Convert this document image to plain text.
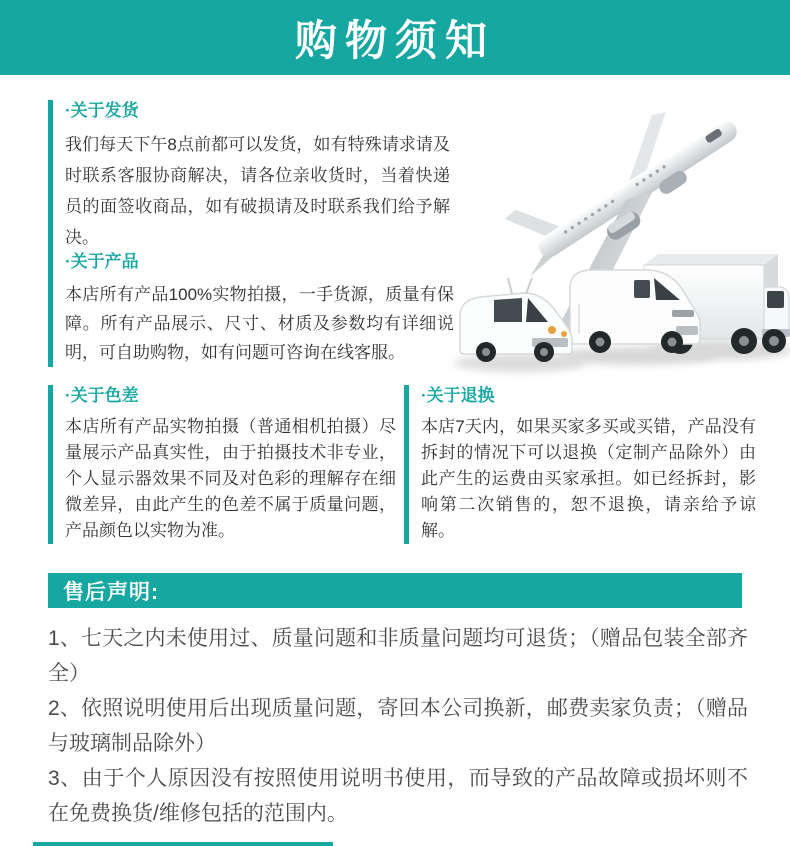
购物须知
·关于发货

我们每天下午8点前都可以发货，如有特殊请求请及时联系客服协商解决，请各位亲收货时，当着快递员的面签收商品，如有破损请及时联系我们给予解决。

·关于产品

本店所有产品100%实物拍摄，一手货源，质量有保障。所有产品展示、尺寸、材质及参数均有详细说明，可自助购物，如有问题可咨询在线客服。

·关于色差

本店所有产品实物拍摄（普通相机拍摄）尽量展示产品真实性，由于拍摄技术非专业，个人显示器效果不同及对色彩的理解存在细微差异，由此产生的色差不属于质量问题，产品颜色以实物为准。

·关于退换

本店7天内，如果买家多买或买错，产品没有拆封的情况下可以退换（定制产品除外）由此产生的运费由买家承担。如已经拆封，影响第二次销售的，恕不退换，请亲给予谅解。

售后声明:

1、七天之内未使用过、质量问题和非质量问题均可退货；（赠品包装全部齐全）

2、依照说明使用后出现质量问题，寄回本公司换新，邮费卖家负责；（赠品与玻璃制品除外）

3、由于个人原因没有按照使用说明书使用，而导致的产品故障或损坏则不在免费换货/维修包括的范围内。
